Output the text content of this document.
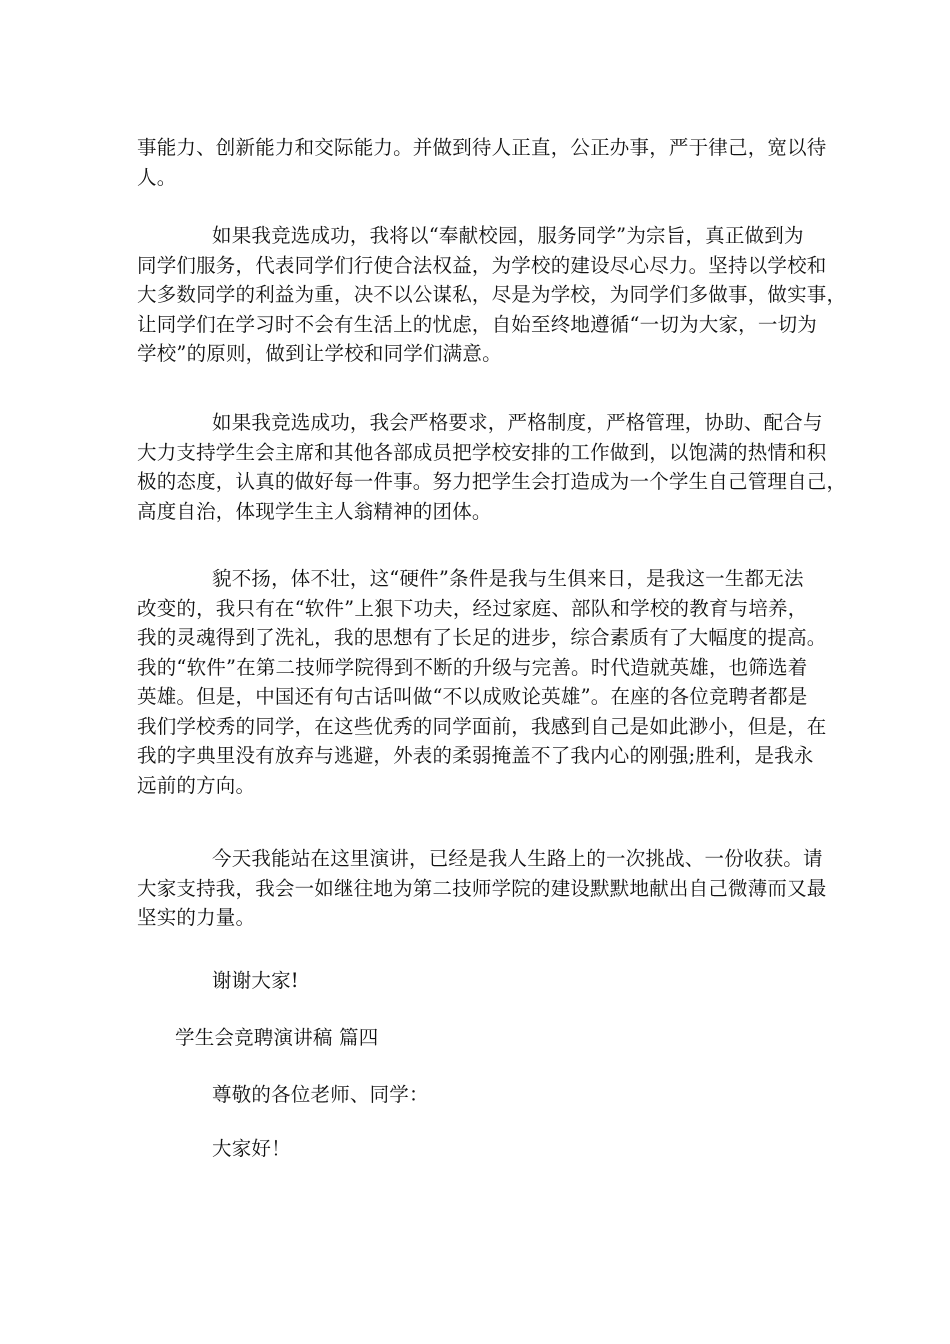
事能力、创新能力和交际能力。并做到待人正直，公正办事，严于律己，宽以待
人。
如果我竞选成功，我将以“奉献校园，服务同学”为宗旨，真正做到为
同学们服务，代表同学们行使合法权益，为学校的建设尽心尽力。坚持以学校和
大多数同学的利益为重，决不以公谋私，尽是为学校，为同学们多做事，做实事，
让同学们在学习时不会有生活上的忧虑，自始至终地遵循“一切为大家，一切为
学校”的原则，做到让学校和同学们满意。
如果我竞选成功，我会严格要求，严格制度，严格管理，协助、配合与
大力支持学生会主席和其他各部成员把学校安排的工作做到，以饱满的热情和积
极的态度，认真的做好每一件事。努力把学生会打造成为一个学生自己管理自己，
高度自治，体现学生主人翁精神的团体。
貌不扬，体不壮，这“硬件”条件是我与生俱来日，是我这一生都无法
改变的，我只有在“软件”上狠下功夫，经过家庭、部队和学校的教育与培养，
我的灵魂得到了洗礼，我的思想有了长足的进步，综合素质有了大幅度的提高。
我的“软件”在第二技师学院得到不断的升级与完善。时代造就英雄，也筛选着
英雄。但是，中国还有句古话叫做“不以成败论英雄”。在座的各位竞聘者都是
我们学校秀的同学，在这些优秀的同学面前，我感到自己是如此渺小，但是，在
我的字典里没有放弃与逃避，外表的柔弱掩盖不了我内心的刚强;胜利，是我永
远前的方向。
今天我能站在这里演讲，已经是我人生路上的一次挑战、一份收获。请
大家支持我，我会一如继往地为第二技师学院的建设默默地献出自己微薄而又最
坚实的力量。
谢谢大家!
学生会竞聘演讲稿 篇四
尊敬的各位老师、同学：
大家好！
